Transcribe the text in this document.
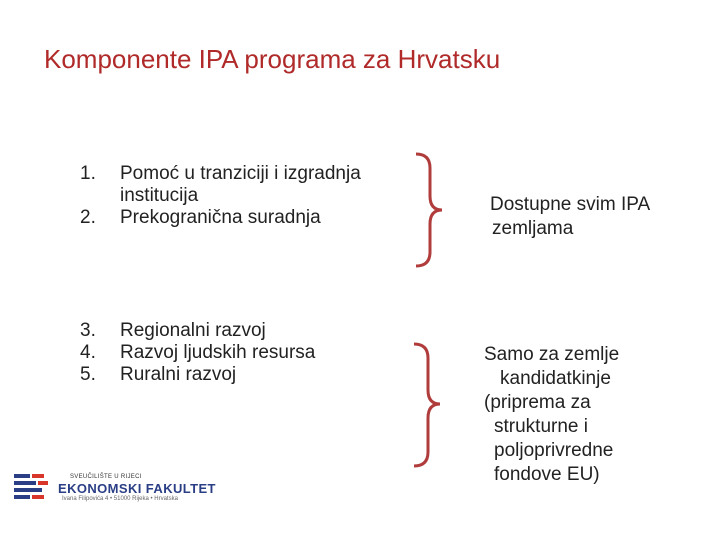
Komponente IPA programa za Hrvatsku
1.	Pomoć u tranziciji i izgradnja institucija
2.	Prekogranična suradnja
3.	Regionalni razvoj
4.	Razvoj ljudskih resursa
5.	Ruralni razvoj
Dostupne svim IPA
zemljama
Samo za zemlje
kandidatkinje
(priprema za
strukturne i
poljoprivredne
fondove EU)
SVEUČILIŠTE U RIJECI
EKONOMSKI FAKULTET
Ivana Filipovića 4 • 51000 Rijeka • Hrvatska
